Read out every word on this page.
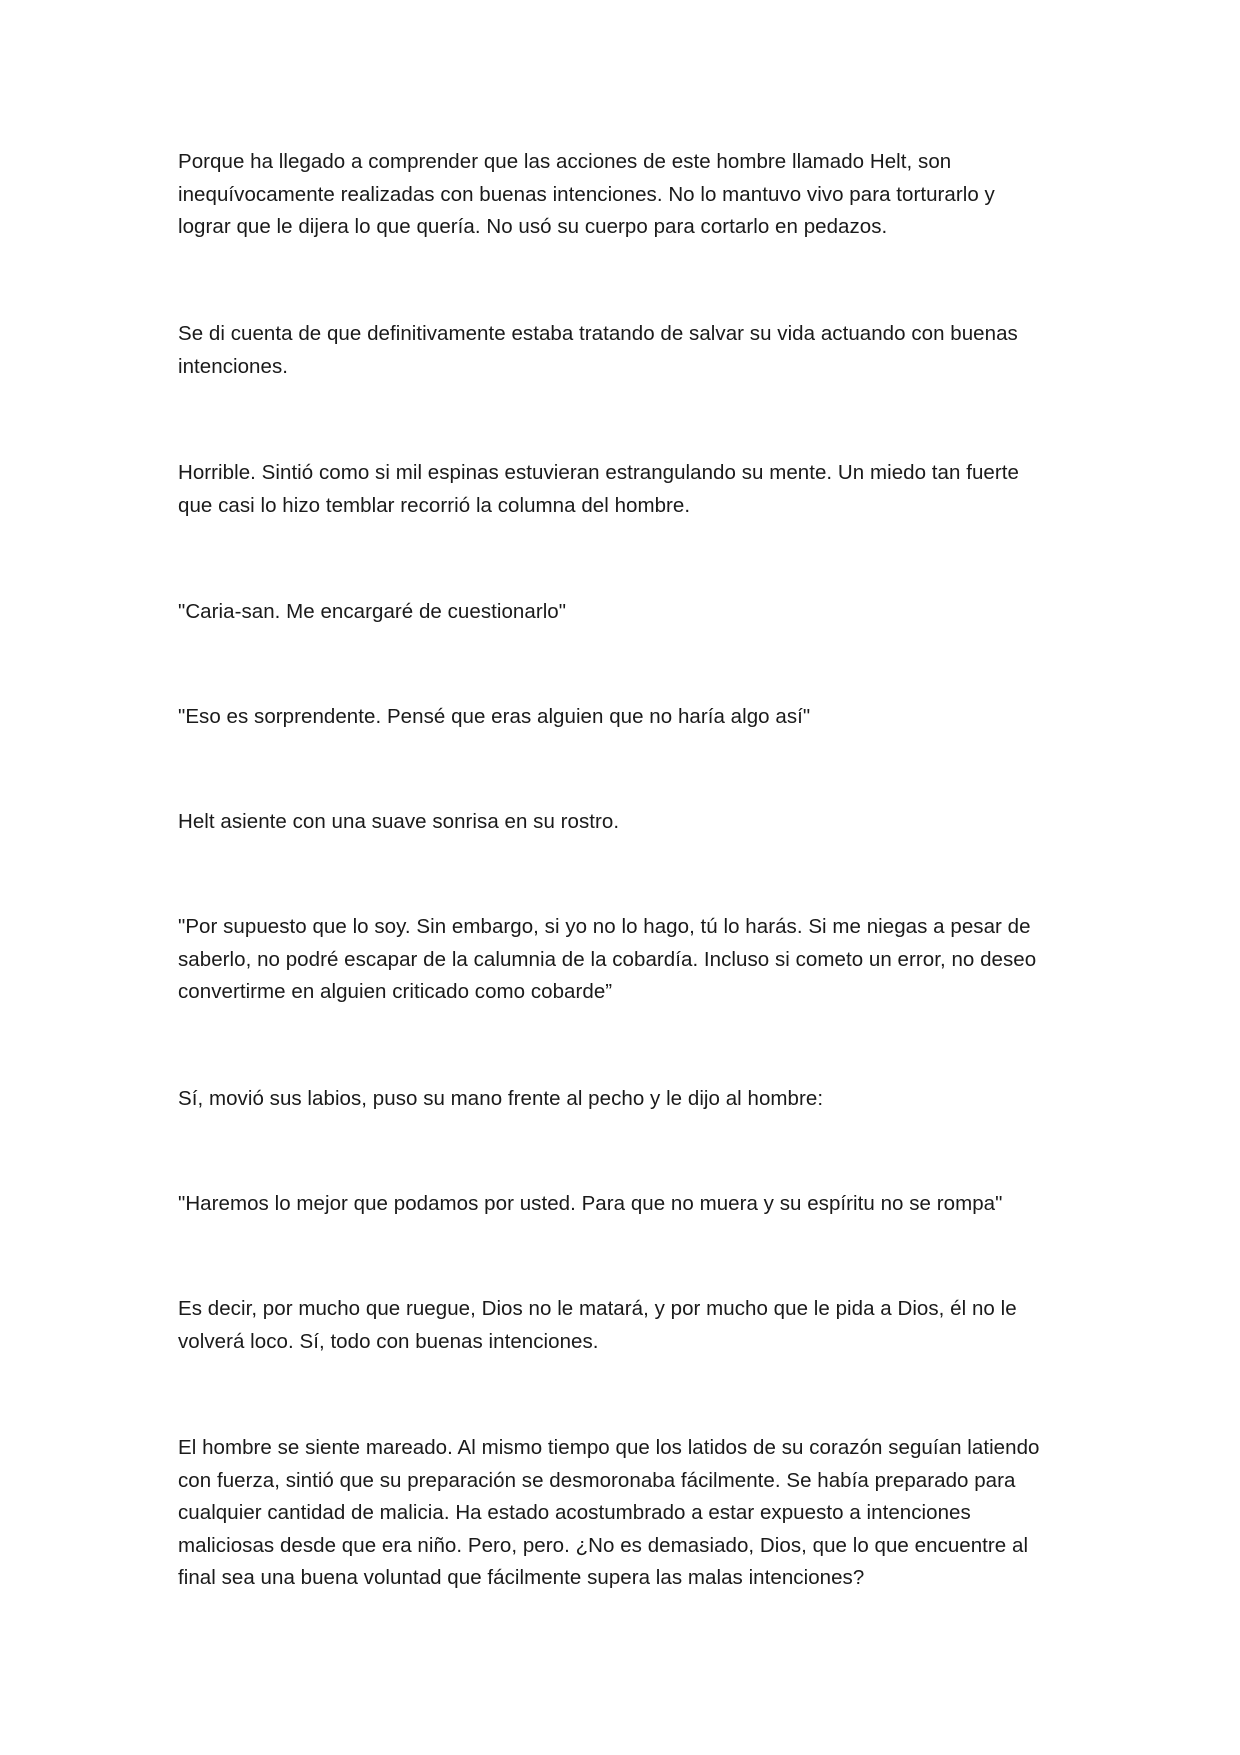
Porque ha llegado a comprender que las acciones de este hombre llamado Helt, son
inequívocamente realizadas con buenas intenciones. No lo mantuvo vivo para torturarlo y
lograr que le dijera lo que quería. No usó su cuerpo para cortarlo en pedazos.

Se di cuenta de que definitivamente estaba tratando de salvar su vida actuando con buenas
intenciones.

Horrible. Sintió como si mil espinas estuvieran estrangulando su mente. Un miedo tan fuerte
que casi lo hizo temblar recorrió la columna del hombre.

"Caria-san. Me encargaré de cuestionarlo"

"Eso es sorprendente. Pensé que eras alguien que no haría algo así"

Helt asiente con una suave sonrisa en su rostro.

"Por supuesto que lo soy. Sin embargo, si yo no lo hago, tú lo harás. Si me niegas a pesar de
saberlo, no podré escapar de la calumnia de la cobardía. Incluso si cometo un error, no deseo
convertirme en alguien criticado como cobarde”

Sí, movió sus labios, puso su mano frente al pecho y le dijo al hombre:

"Haremos lo mejor que podamos por usted. Para que no muera y su espíritu no se rompa"

Es decir, por mucho que ruegue, Dios no le matará, y por mucho que le pida a Dios, él no le
volverá loco. Sí, todo con buenas intenciones.

El hombre se siente mareado. Al mismo tiempo que los latidos de su corazón seguían latiendo
con fuerza, sintió que su preparación se desmoronaba fácilmente. Se había preparado para
cualquier cantidad de malicia. Ha estado acostumbrado a estar expuesto a intenciones
maliciosas desde que era niño. Pero, pero. ¿No es demasiado, Dios, que lo que encuentre al
final sea una buena voluntad que fácilmente supera las malas intenciones?
